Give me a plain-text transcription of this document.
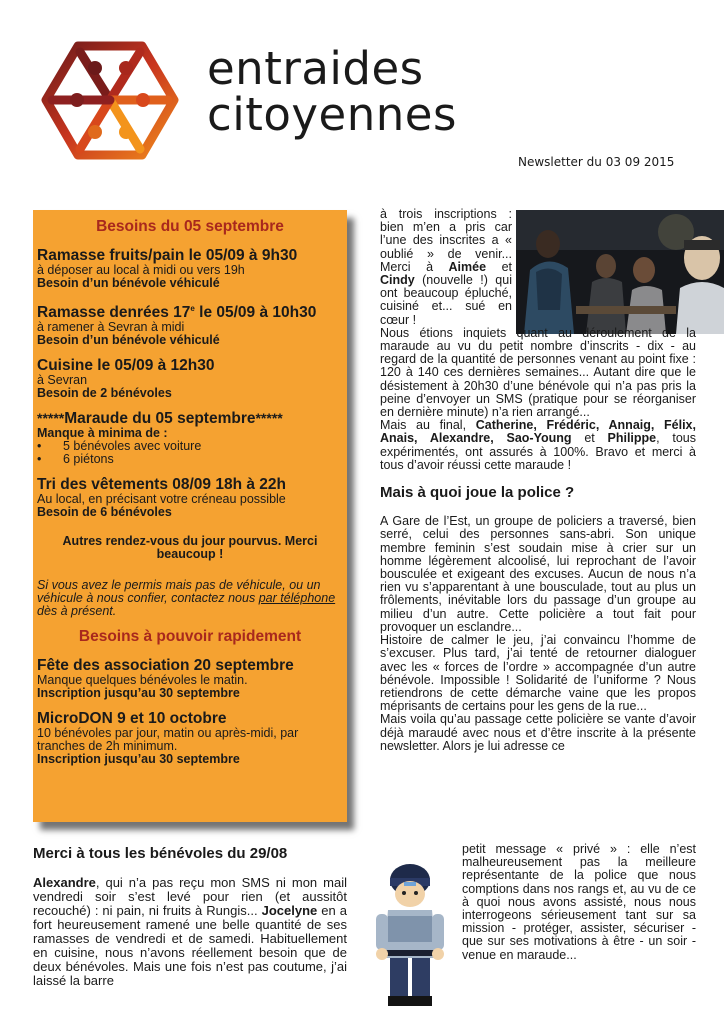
entraides
citoyennes
Newsletter du 03 09 2015
Besoins du 05 septembre
Ramasse fruits/pain le 05/09 à 9h30
à déposer au local à midi ou vers 19h
Besoin d’un bénévole véhiculé
Ramasse denrées 17e le 05/09 à 10h30
à ramener à Sevran à midi
Besoin d’un bénévole véhiculé
Cuisine le 05/09 à 12h30
à Sevran
Besoin de 2 bénévoles
*****Maraude du 05 septembre*****
Manque à minima de :
• 5 bénévoles avec voiture
• 6 piétons
Tri des vêtements 08/09 18h à 22h
Au local, en précisant votre créneau possible
Besoin de 6 bénévoles
Autres rendez-vous du jour pourvus. Merci beaucoup !
Si vous avez le permis mais pas de véhicule, ou un véhicule à nous confier, contactez nous par téléphone dès à présent.
Besoins à pouvoir rapidement
Fête des association 20 septembre
Manque quelques bénévoles le matin.
Inscription jusqu’au 30 septembre
MicroDON 9 et 10 octobre
10 bénévoles par jour, matin ou après-midi, par tranches de 2h minimum.
Inscription jusqu’au 30 septembre
Merci à tous les bénévoles du 29/08

Alexandre, qui n’a pas reçu mon SMS ni mon mail vendredi soir s’est levé pour rien (et aussitôt recouché) : ni pain, ni fruits à Rungis... Jocelyne en a fort heureusement ramené une belle quantité de ses ramasses de vendredi et de samedi. Habituellement en cuisine, nous n’avons réellement besoin que de deux bénévoles. Mais une fois n’est pas coutume, j’ai laissé la barre

à trois inscriptions : bien m’en a pris car l’une des inscrites a « oublié » de venir... Merci à Aimée et Cindy (nouvelle !) qui ont beaucoup épluché, cuisiné et... sué en cœur !

Nous étions inquiets quant au déroulement de la maraude au vu du petit nombre d’inscrits - dix - au regard de la quantité de personnes venant au point fixe : 120 à 140 ces dernières semaines... Autant dire que le désistement à 20h30 d’une bénévole qui n’a pas pris la peine d’envoyer un SMS (pratique pour se réorganiser en dernière minute) n’a rien arrangé...

Mais au final, Catherine, Frédéric, Annaig, Félix, Anais, Alexandre, Sao-Young et Philippe, tous expérimentés, ont assurés à 100%. Bravo et merci à tous d’avoir réussi cette maraude !

Mais à quoi joue la police ?

A Gare de l’Est, un groupe de policiers a traversé, bien serré, celui des personnes sans-abri. Son unique membre feminin s’est soudain mise à crier sur un homme légèrement alcoolisé, lui reprochant de l’avoir bousculée et exigeant des excuses. Aucun de nous n’a rien vu s’apparentant à une bousculade, tout au plus un frôlements, inévitable lors du passage d’un groupe au milieu d’un autre. Cette policière a tout fait pour provoquer un esclandre...

Histoire de calmer le jeu, j’ai convaincu l’homme de s’excuser. Plus tard, j’ai tenté de retourner dialoguer avec les « forces de l’ordre » accompagnée d’un autre bénévole. Impossible ! Solidarité de l’uniforme ? Nous retiendrons de cette démarche vaine que les propos méprisants de certains pour les gens de la rue...

Mais voila qu’au passage cette policière se vante d’avoir déjà maraudé avec nous et d’être inscrite à la présente newsletter. Alors je lui adresse ce

petit message « privé » : elle n’est malheureusement pas la meilleure représentante de la police que nous comptions dans nos rangs et, au vu de ce à quoi nous avons assisté, nous nous interrogeons sérieusement tant sur sa mission - protéger, assister, sécuriser - que sur ses motivations à être - un soir - venue en maraude...
